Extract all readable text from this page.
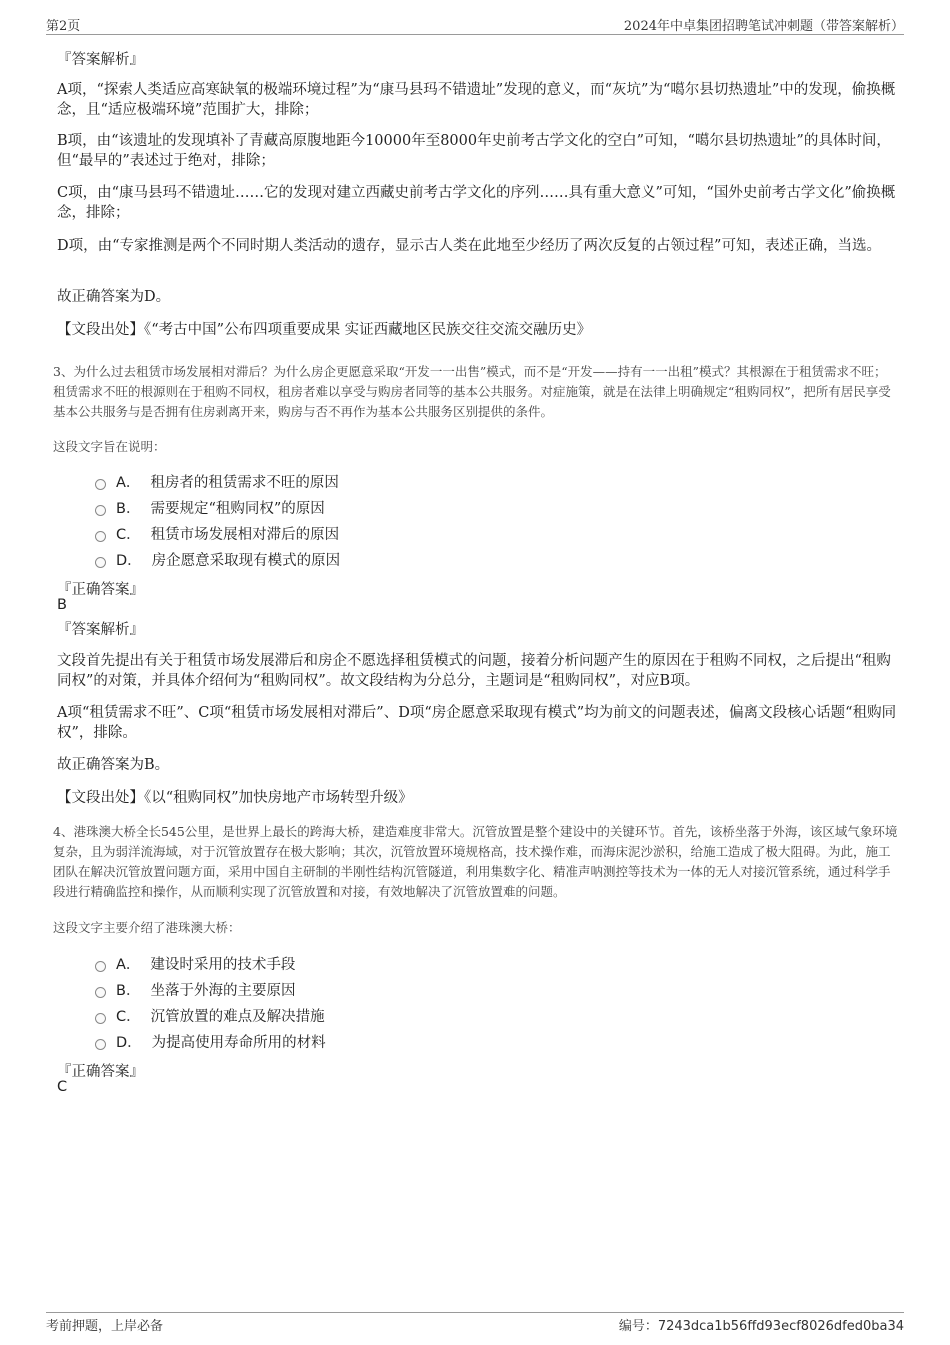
第2页	2024年中卓集团招聘笔试冲刺题（带答案解析）
『答案解析』
A项，“探索人类适应高寒缺氧的极端环境过程”为“康马县玛不错遗址”发现的意义，而“灰坑”为“噶尔县切热遗址”中的发现，偷换概念，且“适应极端环境”范围扩大，排除；
B项，由“该遗址的发现填补了青藏高原腹地距今10000年至8000年史前考古学文化的空白”可知，“噶尔县切热遗址”的具体时间，但“最早的”表述过于绝对，排除；
C项，由“康马县玛不错遗址……它的发现对建立西藏史前考古学文化的序列……具有重大意义”可知，“国外史前考古学文化”偷换概念，排除；
D项，由“专家推测是两个不同时期人类活动的遗存，显示古人类在此地至少经历了两次反复的占领过程”可知，表述正确，当选。
故正确答案为D。
【文段出处】《“考古中国”公布四项重要成果 实证西藏地区民族交往交流交融历史》
3、为什么过去租赁市场发展相对滞后？为什么房企更愿意采取“开发一一出售”模式，而不是“开发——持有一一出租”模式？其根源在于租赁需求不旺；租赁需求不旺的根源则在于租购不同权，租房者难以享受与购房者同等的基本公共服务。对症施策，就是在法律上明确规定“租购同权”，把所有居民享受基本公共服务与是否拥有住房剥离开来，购房与否不再作为基本公共服务区别提供的条件。
这段文字旨在说明：
A． 租房者的租赁需求不旺的原因
B． 需要规定“租购同权”的原因
C． 租赁市场发展相对滞后的原因
D． 房企愿意采取现有模式的原因
『正确答案』
B
『答案解析』
文段首先提出有关于租赁市场发展滞后和房企不愿选择租赁模式的问题，接着分析问题产生的原因在于租购不同权，之后提出“租购同权”的对策，并具体介绍何为“租购同权”。故文段结构为分总分，主题词是“租购同权”，对应B项。
A项“租赁需求不旺”、C项“租赁市场发展相对滞后”、D项“房企愿意采取现有模式”均为前文的问题表述，偏离文段核心话题“租购同权”，排除。
故正确答案为B。
【文段出处】《以“租购同权”加快房地产市场转型升级》
4、港珠澳大桥全长545公里，是世界上最长的跨海大桥，建造难度非常大。沉管放置是整个建设中的关键环节。首先，该桥坐落于外海，该区域气象环境复杂，且为弱洋流海域，对于沉管放置存在极大影响；其次，沉管放置环境规格高，技术操作难，而海床泥沙淤积，给施工造成了极大阻碍。为此，施工团队在解决沉管放置问题方面，采用中国自主研制的半刚性结构沉管隧道，利用集数字化、精准声呐测控等技术为一体的无人对接沉管系统，通过科学手段进行精确监控和操作，从而顺利实现了沉管放置和对接，有效地解决了沉管放置难的问题。
这段文字主要介绍了港珠澳大桥：
A． 建设时采用的技术手段
B． 坐落于外海的主要原因
C． 沉管放置的难点及解决措施
D． 为提高使用寿命所用的材料
『正确答案』
C
考前押题，上岸必备	编号：7243dca1b56ffd93ecf8026dfed0ba34
